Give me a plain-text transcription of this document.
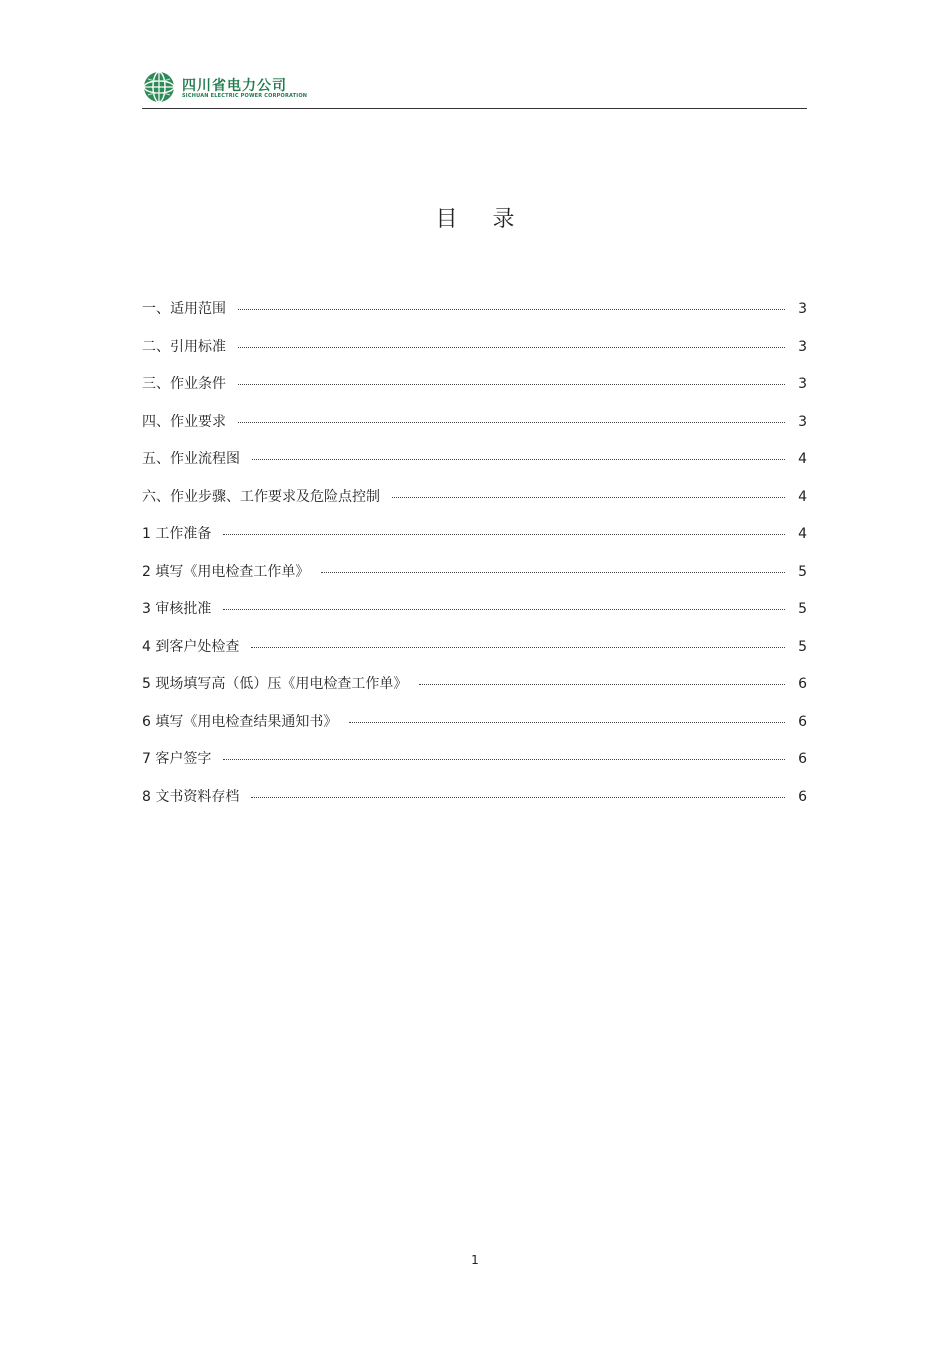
四川省电力公司
SICHUAN ELECTRIC POWER CORPORATION
目 录
一、适用范围	3
二、引用标准	3
三、作业条件	3
四、作业要求	3
五、作业流程图	4
六、作业步骤、工作要求及危险点控制	4
1 工作准备	4
2 填写《用电检查工作单》	5
3 审核批准	5
4 到客户处检查	5
5 现场填写高（低）压《用电检查工作单》	6
6 填写《用电检查结果通知书》	6
7 客户签字	6
8 文书资料存档	6
1
